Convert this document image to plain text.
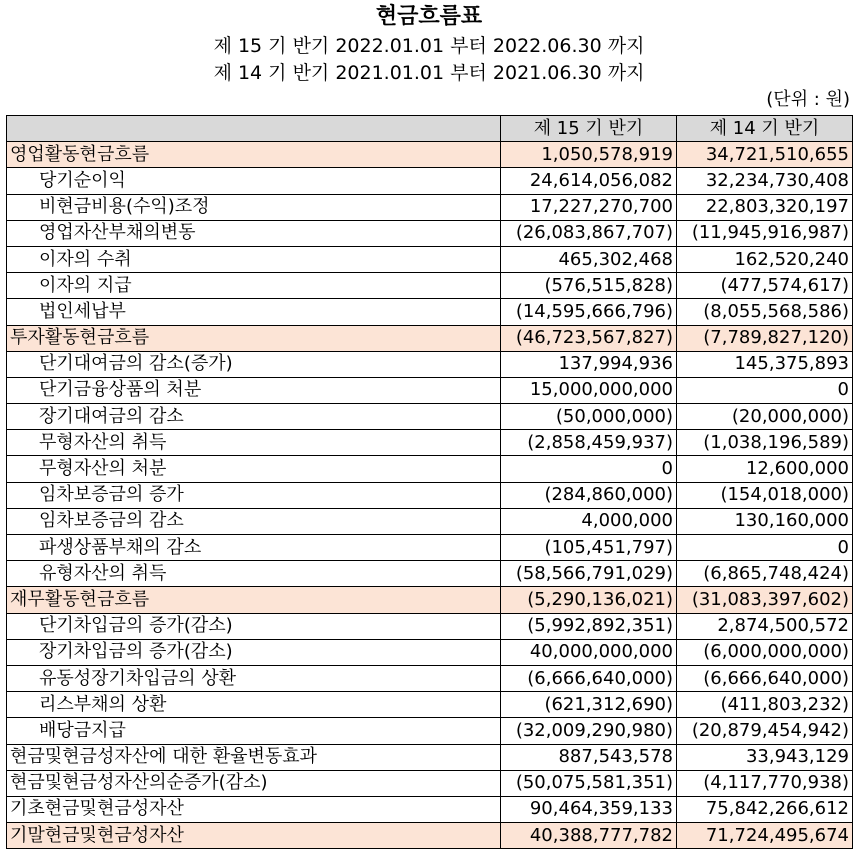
현금흐름표
제 15 기 반기 2022.01.01 부터 2022.06.30 까지
제 14 기 반기 2021.01.01 부터 2021.06.30 까지
(단위 : 원)
	제 15 기 반기	제 14 기 반기
영업활동현금흐름	1,050,578,919	34,721,510,655
당기순이익	24,614,056,082	32,234,730,408
비현금비용(수익)조정	17,227,270,700	22,803,320,197
영업자산부채의변동	(26,083,867,707)	(11,945,916,987)
이자의 수취	465,302,468	162,520,240
이자의 지급	(576,515,828)	(477,574,617)
법인세납부	(14,595,666,796)	(8,055,568,586)
투자활동현금흐름	(46,723,567,827)	(7,789,827,120)
단기대여금의 감소(증가)	137,994,936	145,375,893
단기금융상품의 처분	15,000,000,000	0
장기대여금의 감소	(50,000,000)	(20,000,000)
무형자산의 취득	(2,858,459,937)	(1,038,196,589)
무형자산의 처분	0	12,600,000
임차보증금의 증가	(284,860,000)	(154,018,000)
임차보증금의 감소	4,000,000	130,160,000
파생상품부채의 감소	(105,451,797)	0
유형자산의 취득	(58,566,791,029)	(6,865,748,424)
재무활동현금흐름	(5,290,136,021)	(31,083,397,602)
단기차입금의 증가(감소)	(5,992,892,351)	2,874,500,572
장기차입금의 증가(감소)	40,000,000,000	(6,000,000,000)
유동성장기차입금의 상환	(6,666,640,000)	(6,666,640,000)
리스부채의 상환	(621,312,690)	(411,803,232)
배당금지급	(32,009,290,980)	(20,879,454,942)
현금및현금성자산에 대한 환율변동효과	887,543,578	33,943,129
현금및현금성자산의순증가(감소)	(50,075,581,351)	(4,117,770,938)
기초현금및현금성자산	90,464,359,133	75,842,266,612
기말현금및현금성자산	40,388,777,782	71,724,495,674
